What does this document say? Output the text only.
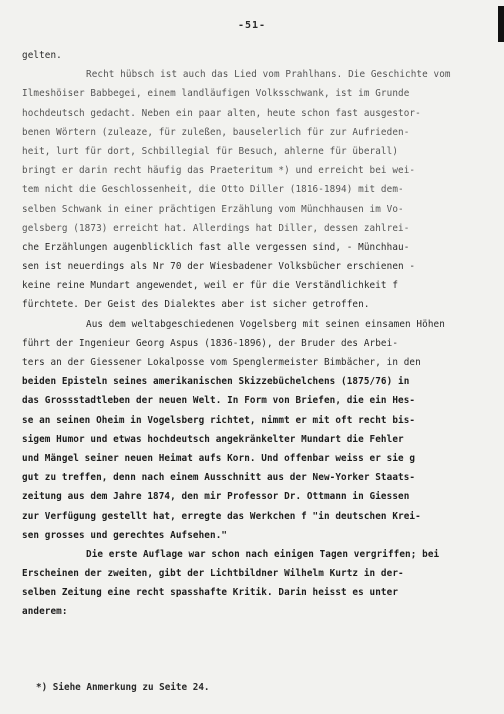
-51-
gelten.
Recht hübsch ist auch das Lied vom Prahlhans. Die Geschichte vom
Ilmeshöiser Babbegei, einem landläufigen Volksschwank, ist im Grunde
hochdeutsch gedacht. Neben ein paar alten, heute schon fast ausgestor-
benen Wörtern (zuleaze, für zuleßen, bauselerlich für zur Aufrieden-
heit, lurt für dort, Schbillegial für Besuch, ahlerne für überall)
bringt er darin recht häufig das Praeteritum *) und erreicht bei wei-
tem nicht die Geschlossenheit, die Otto Diller (1816-1894) mit dem-
selben Schwank in einer prächtigen Erzählung vom Münchhausen im Vo-
gelsberg (1873) erreicht hat. Allerdings hat Diller, dessen zahlrei-
che Erzählungen augenblicklich fast alle vergessen sind, - Münchhau-
sen ist neuerdings als Nr 70 der Wiesbadener Volksbücher erschienen -
keine reine Mundart angewendet, weil er für die Verständlichkeit f
fürchtete. Der Geist des Dialektes aber ist sicher getroffen.
Aus dem weltabgeschiedenen Vogelsberg mit seinen einsamen Höhen
führt der Ingenieur Georg Aspus (1836-1896), der Bruder des Arbei-
ters an der Giessener Lokalposse vom Spenglermeister Bimbächer, in den
beiden Episteln seines amerikanischen Skizzebüchelchens (1875/76) in
das Grossstadtleben der neuen Welt. In Form von Briefen, die ein Hes-
se an seinen Oheim in Vogelsberg richtet, nimmt er mit oft recht bis-
sigem Humor und etwas hochdeutsch angekränkelter Mundart die Fehler
und Mängel seiner neuen Heimat aufs Korn. Und offenbar weiss er sie g
gut zu treffen, denn nach einem Ausschnitt aus der New-Yorker Staats-
zeitung aus dem Jahre 1874, den mir Professor Dr. Ottmann in Giessen
zur Verfügung gestellt hat, erregte das Werkchen f "in deutschen Krei-
sen grosses und gerechtes Aufsehen."
Die erste Auflage war schon nach einigen Tagen vergriffen; bei
Erscheinen der zweiten, gibt der Lichtbildner Wilhelm Kurtz in der-
selben Zeitung eine recht spasshafte Kritik. Darin heisst es unter
anderem:
*) Siehe Anmerkung zu Seite 24.
